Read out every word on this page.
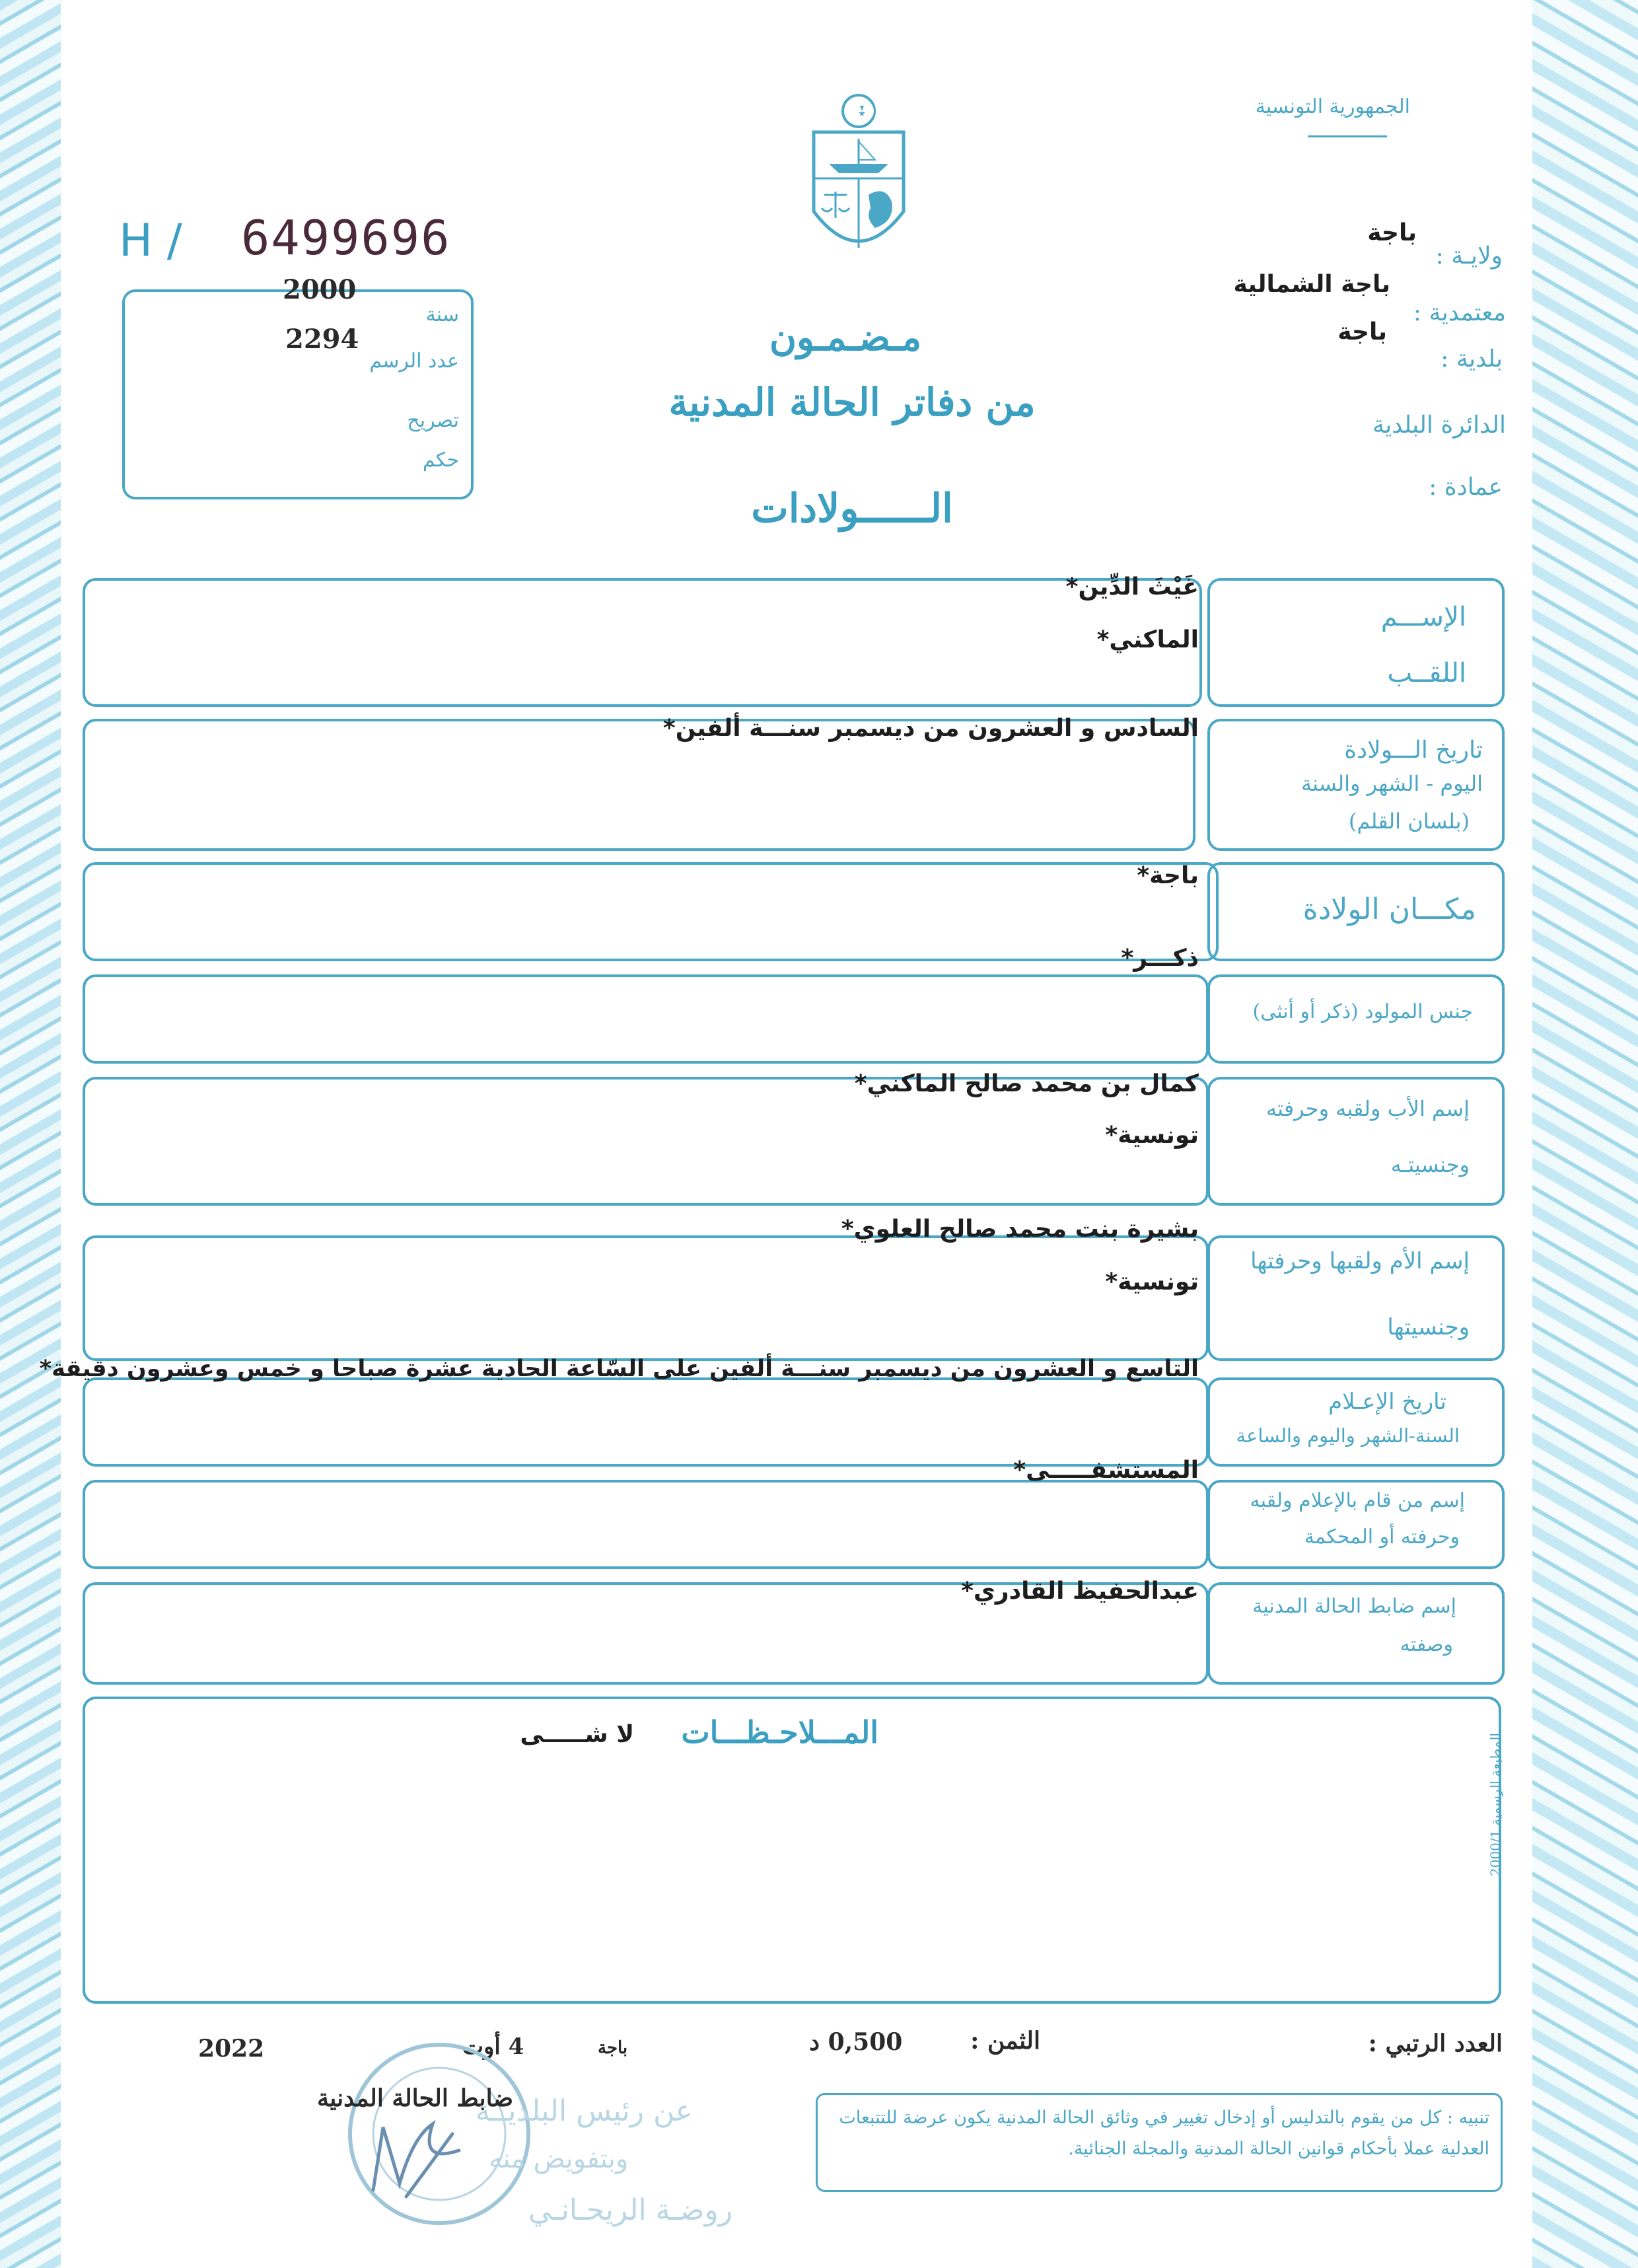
الجمهورية التونسية
H / 6499696	ولايـة :
باجة
معتمدية :
باجة الشمالية
بلدية :
باجة
الدائرة البلدية
عمادة :
سنة
2000
عدد الرسم
2294
تصريح
حكم
مـضـمـون
من دفاتر الحالة المدنية
الــــــولادات
الإســـم
اللقــب
غَيْثَ الدِّين*
الماكني*
تاريخ الـــولادة
اليوم - الشهر والسنة
(بلسان القلم)
السادس و العشرون من ديسمبر سنـــة ألفين*
مكـــان الولادة
باجة*
جنس المولود (ذكر أو أنثى)
ذكـــر*
إسم الأب ولقبه وحرفته
وجنسيتـه
كمال بن محمد صالح الماكني*
تونسية*
إسم الأم ولقبها وحرفتها
وجنسيتها
بشيرة بنت محمد صالح العلوي*
تونسية*
تاريخ الإعـلام
السنة-الشهر واليوم والساعة
التاسع و العشرون من ديسمبر سنـــة ألفين على السّاعة الحادية عشرة صباحا و خمس وعشرون دقيقة*
إسم من قام بالإعلام ولقبه
وحرفته أو المحكمة
المستشفـــــى*
إسم ضابط الحالة المدنية
وصفته
عبدالحفيظ القادري*
المـــلاحـظـــات
لا شـــــى
المطبعة الرسمية 2000/1
العدد الرتبي :
الثمن :
0,500 د
باجة
4 أوت
2022
ضابط الحالة المدنية
عن رئيس البلديــة
وبتفويض منه
روضـة الريحـانـي
تنبيه : كل من يقوم بالتدليس أو إدخال تغيير في وثائق الحالة المدنية يكون عرضة للتتبعات العدلية عملا بأحكام قوانين الحالة المدنية والمجلة الجنائية.
